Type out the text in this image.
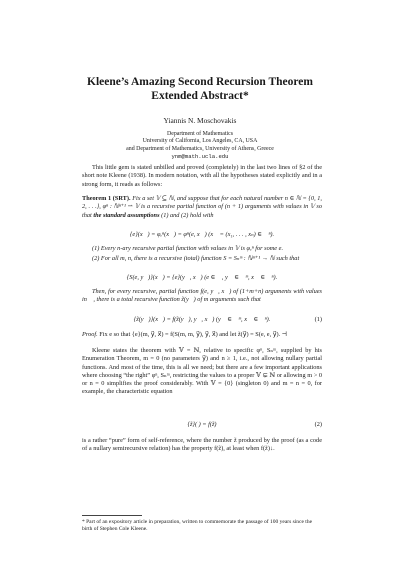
Kleene’s Amazing Second Recursion Theorem

Extended Abstract*

Yiannis N. Moschovakis

Department of Mathematics
University of California, Los Angeles, CA, USA
and Department of Mathematics, University of Athens, Greece
ynm@math.ucla.edu

This little gem is stated unbilled and proved (completely) in the last two lines of §2 of the short note Kleene (1938). In modern notation, with all the hypotheses stated explicitly and in a strong form, it reads as follows:

Theorem 1 (SRT). Fix a set 𝕍 ⊆ ℕ, and suppose that for each natural number n ∈ ℕ = {0, 1, 2, . . .}, φⁿ : ℕⁿ⁺¹ ⇀ 𝕍 is a recursive partial function of (n + 1) arguments with values in 𝕍 so that the standard assumptions (1) and (2) hold with

{e}(x⃗) = φₑⁿ(x⃗) = φⁿ(e, x⃗) (x⃗ = (x₁, . . . , xₙ) ∈ ℕⁿ).

(1) Every n-ary recursive partial function with values in 𝕍 is φₑⁿ for some e.

(2) For all m, n, there is a recursive (total) function S = Sₙᵐ : ℕᵐ⁺¹ → ℕ such that

{S(e, y⃗)}(x⃗) = {e}(y⃗, x⃗) (e ∈ ℕ, y⃗ ∈ ℕᵐ, x⃗ ∈ ℕⁿ).

Then, for every recursive, partial function f(e, y⃗, x⃗) of (1+m+n) arguments with values in 𝕍, there is a total recursive function z̃(y⃗) of m arguments such that

{z̃(y⃗)}(x⃗) = f(z̃(y⃗), y⃗, x⃗) (y⃗ ∈ ℕᵐ, x⃗ ∈ ℕⁿ).	(1)

Proof. Fix e so that {e}(m, y⃗, x⃗) = f(S(m, m, y⃗), y⃗, x⃗) and let z̃(y⃗) = S(e, e, y⃗). ⊣

Kleene states the theorem with 𝕍 = ℕ, relative to specific φⁿ, Sₙᵐ, supplied by his Enumeration Theorem, m = 0 (no parameters y⃗) and n ≥ 1, i.e., not allowing nullary partial functions. And most of the time, this is all we need; but there are a few important applications where choosing “the right” φⁿ, Sₙᵐ, restricting the values to a proper 𝕍 ⊊ ℕ or allowing m > 0 or n = 0 simplifies the proof considerably. With 𝕍 = {0} (singleton 0) and m = n = 0, for example, the characteristic equation

{z̃}( ) = f(z̃)	(2)

is a rather “pure” form of self-reference, where the number z̃ produced by the proof (as a code of a nullary semirecursive relation) has the property f(z̃), at least when f(z̃)↓.

* Part of an expository article in preparation, written to commemorate the passage of 100 years since the birth of Stephen Cole Kleene.
